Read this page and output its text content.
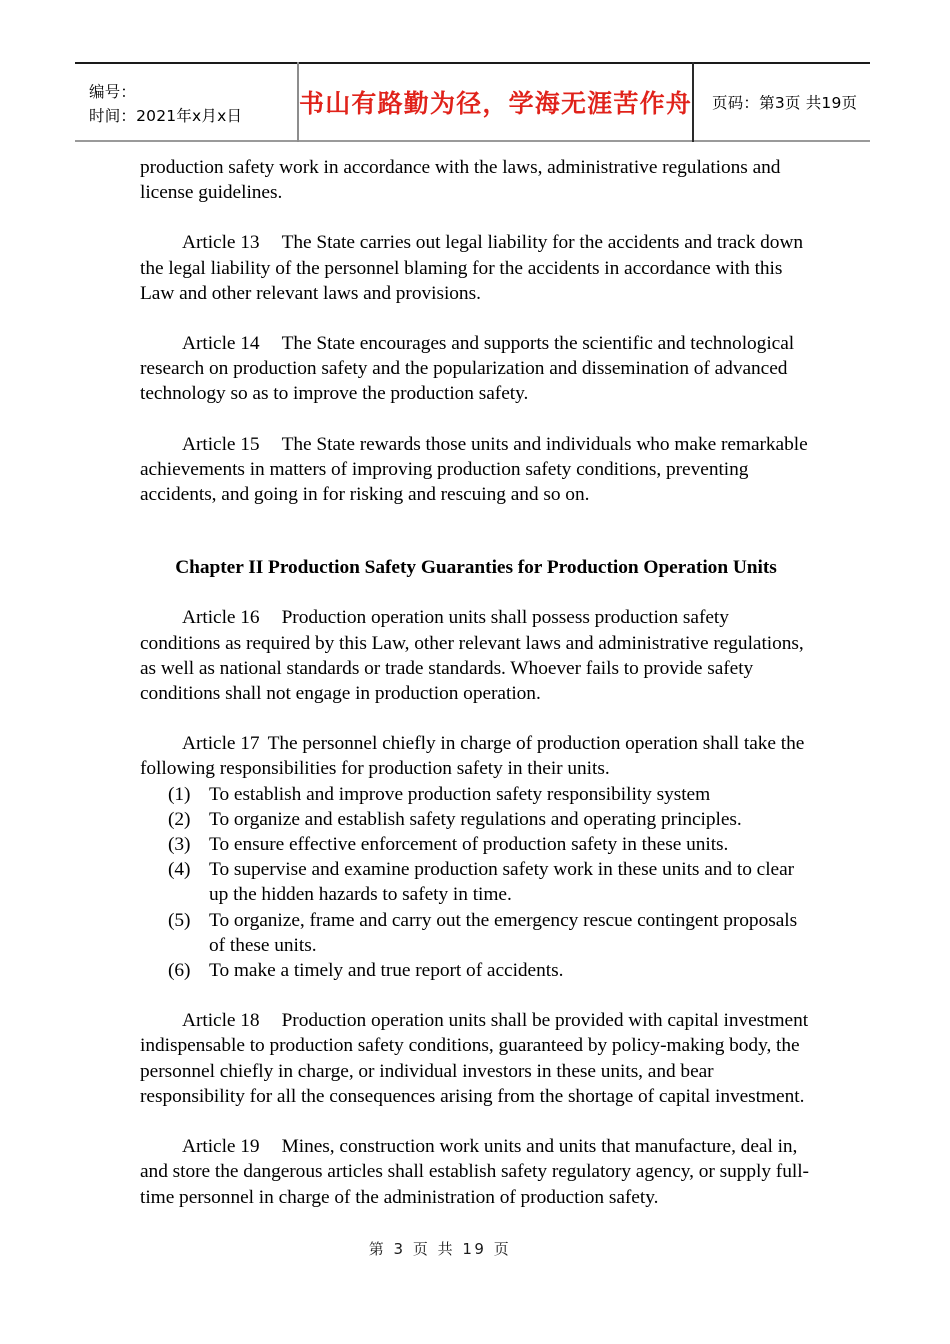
编号：
时间：2021年x月x日	书山有路勤为径，学海无涯苦作舟	页码：第3页 共19页

production safety work in accordance with the laws, administrative regulations and license guidelines.

Article 13 The State carries out legal liability for the accidents and track down the legal liability of the personnel blaming for the accidents in accordance with this Law and other relevant laws and provisions.

Article 14 The State encourages and supports the scientific and technological research on production safety and the popularization and dissemination of advanced technology so as to improve the production safety.

Article 15 The State rewards those units and individuals who make remarkable achievements in matters of improving production safety conditions, preventing accidents, and going in for risking and rescuing and so on.

Chapter II Production Safety Guaranties for Production Operation Units

Article 16 Production operation units shall possess production safety conditions as required by this Law, other relevant laws and administrative regulations, as well as national standards or trade standards. Whoever fails to provide safety conditions shall not engage in production operation.

Article 17 The personnel chiefly in charge of production operation shall take the following responsibilities for production safety in their units.

(1) To establish and improve production safety responsibility system
(2) To organize and establish safety regulations and operating principles.
(3) To ensure effective enforcement of production safety in these units.
(4) To supervise and examine production safety work in these units and to clear up the hidden hazards to safety in time.
(5) To organize, frame and carry out the emergency rescue contingent proposals of these units.
(6) To make a timely and true report of accidents.

Article 18 Production operation units shall be provided with capital investment indispensable to production safety conditions, guaranteed by policy-making body, the personnel chiefly in charge, or individual investors in these units, and bear responsibility for all the consequences arising from the shortage of capital investment.

Article 19 Mines, construction work units and units that manufacture, deal in, and store the dangerous articles shall establish safety regulatory agency, or supply full-time personnel in charge of the administration of production safety.

第 3 页 共 19 页
